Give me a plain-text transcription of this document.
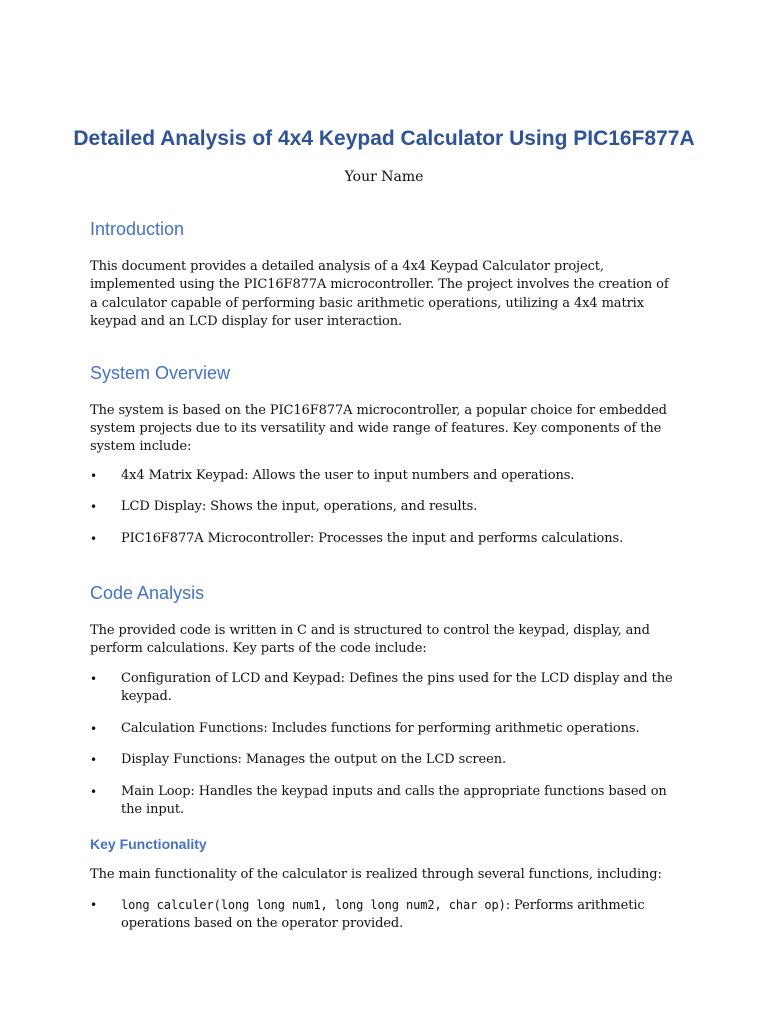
Detailed Analysis of 4x4 Keypad Calculator Using PIC16F877A
Your Name
Introduction

This document provides a detailed analysis of a 4x4 Keypad Calculator project, implemented using the PIC16F877A microcontroller. The project involves the creation of a calculator capable of performing basic arithmetic operations, utilizing a 4x4 matrix keypad and an LCD display for user interaction.

System Overview

The system is based on the PIC16F877A microcontroller, a popular choice for embedded system projects due to its versatility and wide range of features. Key components of the system include:

•	4x4 Matrix Keypad: Allows the user to input numbers and operations.
•	LCD Display: Shows the input, operations, and results.
•	PIC16F877A Microcontroller: Processes the input and performs calculations.
Code Analysis

The provided code is written in C and is structured to control the keypad, display, and perform calculations. Key parts of the code include:

•	Configuration of LCD and Keypad: Defines the pins used for the LCD display and the keypad.
•	Calculation Functions: Includes functions for performing arithmetic operations.
•	Display Functions: Manages the output on the LCD screen.
•	Main Loop: Handles the keypad inputs and calls the appropriate functions based on the input.
Key Functionality

The main functionality of the calculator is realized through several functions, including:

•	long calculer(long long num1, long long num2, char op): Performs arithmetic operations based on the operator provided.
